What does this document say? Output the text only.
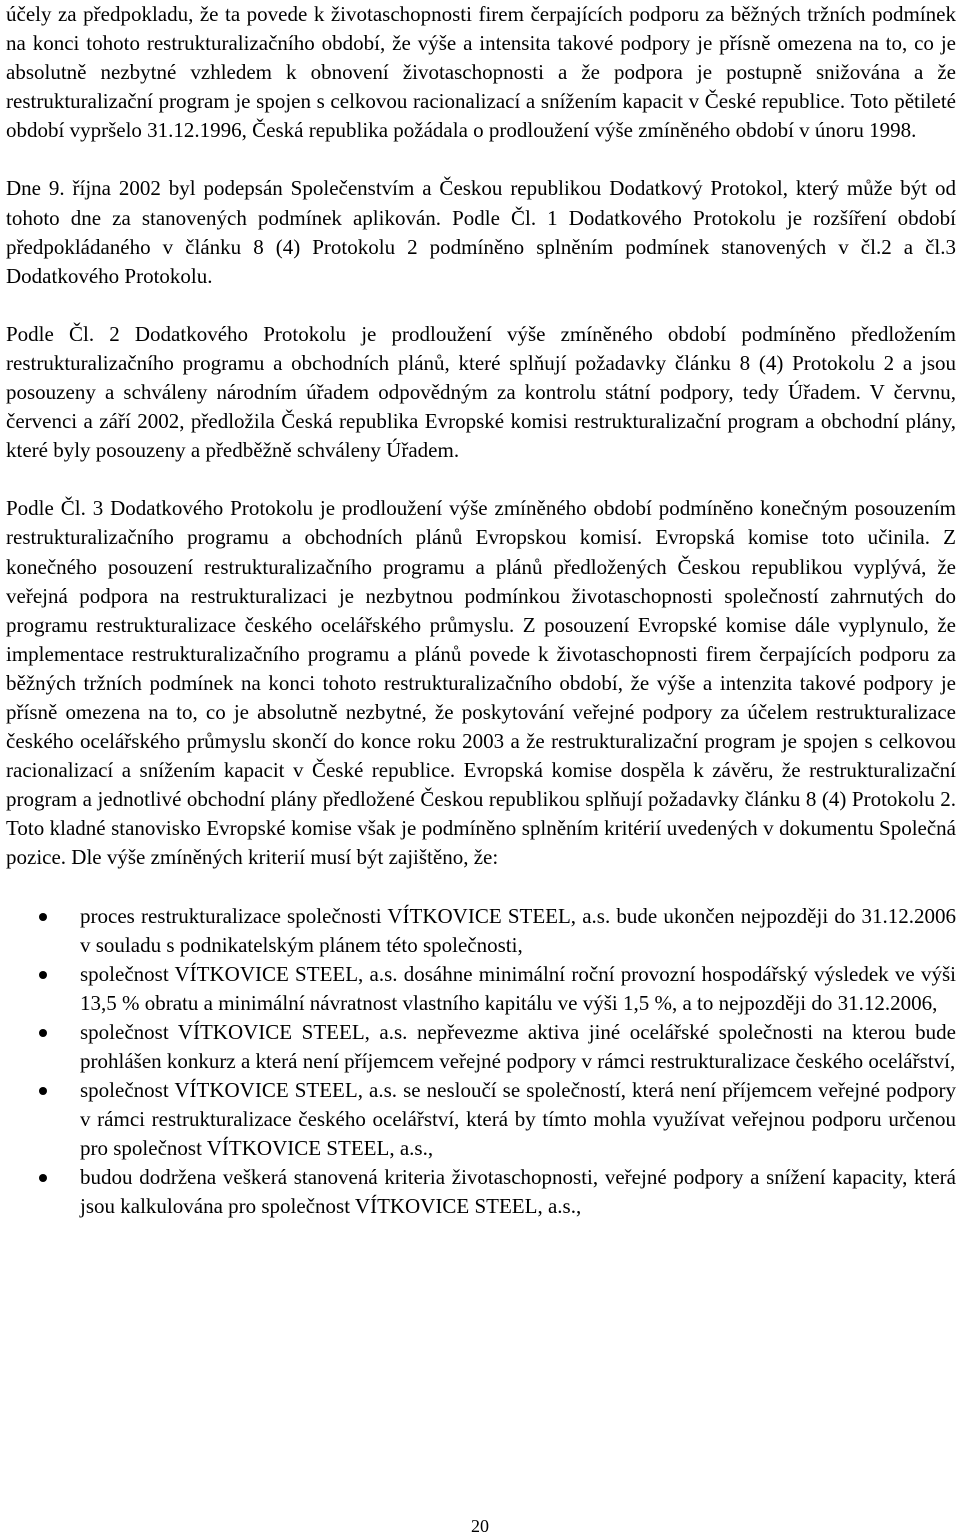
účely za předpokladu, že ta povede k životaschopnosti firem čerpajících podporu za běžných tržních podmínek na konci tohoto restrukturalizačního období, že výše a intensita takové podpory je přísně omezena na to, co je absolutně nezbytné vzhledem k obnovení životaschopnosti a že podpora je postupně snižována a že restrukturalizační program je spojen s celkovou racionalizací a snížením kapacit v České republice. Toto pětileté období vypršelo 31.12.1996, Česká republika požádala o prodloužení výše zmíněného období v únoru 1998.

Dne 9. října 2002 byl podepsán Společenstvím a Českou republikou Dodatkový Protokol, který může být od tohoto dne za stanovených podmínek aplikován. Podle Čl. 1 Dodatkového Protokolu je rozšíření období předpokládaného v článku 8 (4) Protokolu 2 podmíněno splněním podmínek stanovených v čl.2 a čl.3 Dodatkového Protokolu.

Podle Čl. 2 Dodatkového Protokolu je prodloužení výše zmíněného období podmíněno předložením restrukturalizačního programu a obchodních plánů, které splňují požadavky článku 8 (4) Protokolu 2 a jsou posouzeny a schváleny národním úřadem odpovědným za kontrolu státní podpory, tedy Úřadem. V červnu, červenci a září 2002, předložila Česká republika Evropské komisi restrukturalizační program a obchodní plány, které byly posouzeny a předběžně schváleny Úřadem.

Podle Čl. 3 Dodatkového Protokolu je prodloužení výše zmíněného období podmíněno konečným posouzením restrukturalizačního programu a obchodních plánů Evropskou komisí. Evropská komise toto učinila. Z konečného posouzení restrukturalizačního programu a plánů předložených Českou republikou vyplývá, že veřejná podpora na restrukturalizaci je nezbytnou podmínkou životaschopnosti společností zahrnutých do programu restrukturalizace českého ocelářského průmyslu. Z posouzení Evropské komise dále vyplynulo, že implementace restrukturalizačního programu a plánů povede k životaschopnosti firem čerpajících podporu za běžných tržních podmínek na konci tohoto restrukturalizačního období, že výše a intenzita takové podpory je přísně omezena na to, co je absolutně nezbytné, že poskytování veřejné podpory za účelem restrukturalizace českého ocelářského průmyslu skončí do konce roku 2003 a že restrukturalizační program je spojen s celkovou racionalizací a snížením kapacit v České republice. Evropská komise dospěla k závěru, že restrukturalizační program a jednotlivé obchodní plány předložené Českou republikou splňují požadavky článku 8 (4) Protokolu 2. Toto kladné stanovisko Evropské komise však je podmíněno splněním kritérií uvedených v dokumentu Společná pozice. Dle výše zmíněných kriterií musí být zajištěno, že:

proces restrukturalizace společnosti VÍTKOVICE STEEL, a.s. bude ukončen nejpozději do 31.12.2006 v souladu s podnikatelským plánem této společnosti,
společnost VÍTKOVICE STEEL, a.s. dosáhne minimální roční provozní hospodářský výsledek ve výši 13,5 % obratu a minimální návratnost vlastního kapitálu ve výši 1,5 %, a to nejpozději do 31.12.2006,
společnost VÍTKOVICE STEEL, a.s. nepřevezme aktiva jiné ocelářské společnosti na kterou bude prohlášen konkurz a která není příjemcem veřejné podpory v rámci restrukturalizace českého ocelářství,
společnost VÍTKOVICE STEEL, a.s. se nesloučí se společností, která není příjemcem veřejné podpory v rámci restrukturalizace českého ocelářství, která by tímto mohla využívat veřejnou podporu určenou pro společnost VÍTKOVICE STEEL, a.s.,
budou dodržena veškerá stanovená kriteria životaschopnosti, veřejné podpory a snížení kapacity, která jsou kalkulována pro společnost VÍTKOVICE STEEL, a.s.,
20
